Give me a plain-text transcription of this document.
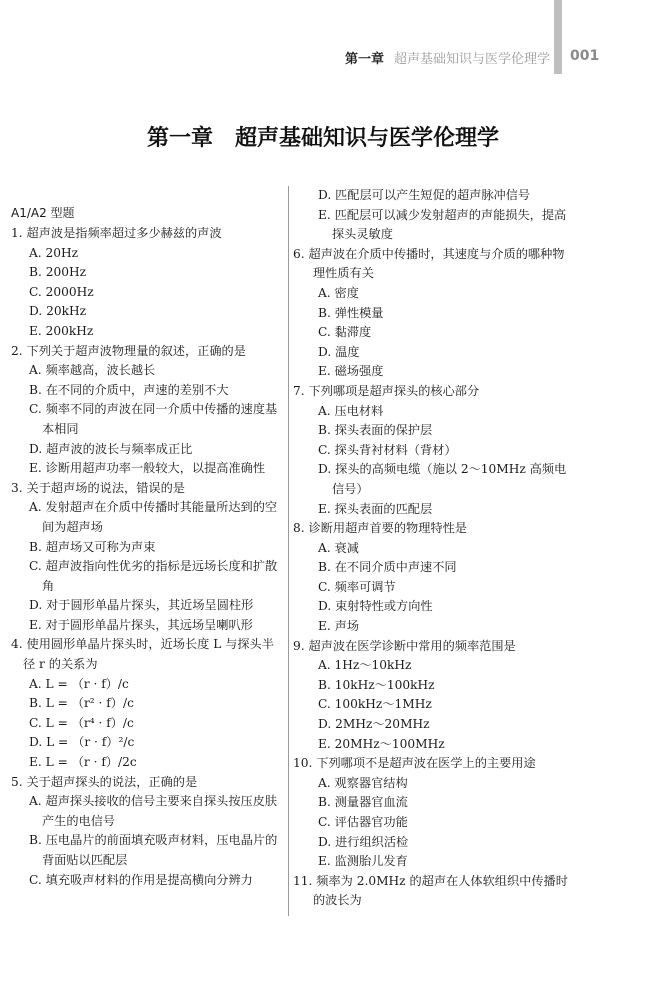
第一章 超声基础知识与医学伦理学 001
第一章　超声基础知识与医学伦理学
A1/A2 型题
1. 超声波是指频率超过多少赫兹的声波
A. 20Hz
B. 200Hz
C. 2000Hz
D. 20kHz
E. 200kHz
2. 下列关于超声波物理量的叙述，正确的是
A. 频率越高，波长越长
B. 在不同的介质中，声速的差别不大
C. 频率不同的声波在同一介质中传播的速度基本相同
D. 超声波的波长与频率成正比
E. 诊断用超声功率一般较大，以提高准确性
3. 关于超声场的说法，错误的是
A. 发射超声在介质中传播时其能量所达到的空间为超声场
B. 超声场又可称为声束
C. 超声波指向性优劣的指标是远场长度和扩散角
D. 对于圆形单晶片探头，其近场呈圆柱形
E. 对于圆形单晶片探头，其远场呈喇叭形
4. 使用圆形单晶片探头时，近场长度 L 与探头半径 r 的关系为
A. L = （r · f）/c
B. L = （r² · f）/c
C. L = （r⁴ · f）/c
D. L = （r · f）²/c
E. L = （r · f）/2c
5. 关于超声探头的说法，正确的是
A. 超声探头接收的信号主要来自探头按压皮肤产生的电信号
B. 压电晶片的前面填充吸声材料，压电晶片的背面贴以匹配层
C. 填充吸声材料的作用是提高横向分辨力
D. 匹配层可以产生短促的超声脉冲信号
E. 匹配层可以减少发射超声的声能损失，提高探头灵敏度
6. 超声波在介质中传播时，其速度与介质的哪种物理性质有关
A. 密度
B. 弹性模量
C. 黏滞度
D. 温度
E. 磁场强度
7. 下列哪项是超声探头的核心部分
A. 压电材料
B. 探头表面的保护层
C. 探头背衬材料（背材）
D. 探头的高频电缆（施以 2～10MHz 高频电信号）
E. 探头表面的匹配层
8. 诊断用超声首要的物理特性是
A. 衰减
B. 在不同介质中声速不同
C. 频率可调节
D. 束射特性或方向性
E. 声场
9. 超声波在医学诊断中常用的频率范围是
A. 1Hz～10kHz
B. 10kHz～100kHz
C. 100kHz～1MHz
D. 2MHz～20MHz
E. 20MHz～100MHz
10. 下列哪项不是超声波在医学上的主要用途
A. 观察器官结构
B. 测量器官血流
C. 评估器官功能
D. 进行组织活检
E. 监测胎儿发育
11. 频率为 2.0MHz 的超声在人体软组织中传播时的波长为
